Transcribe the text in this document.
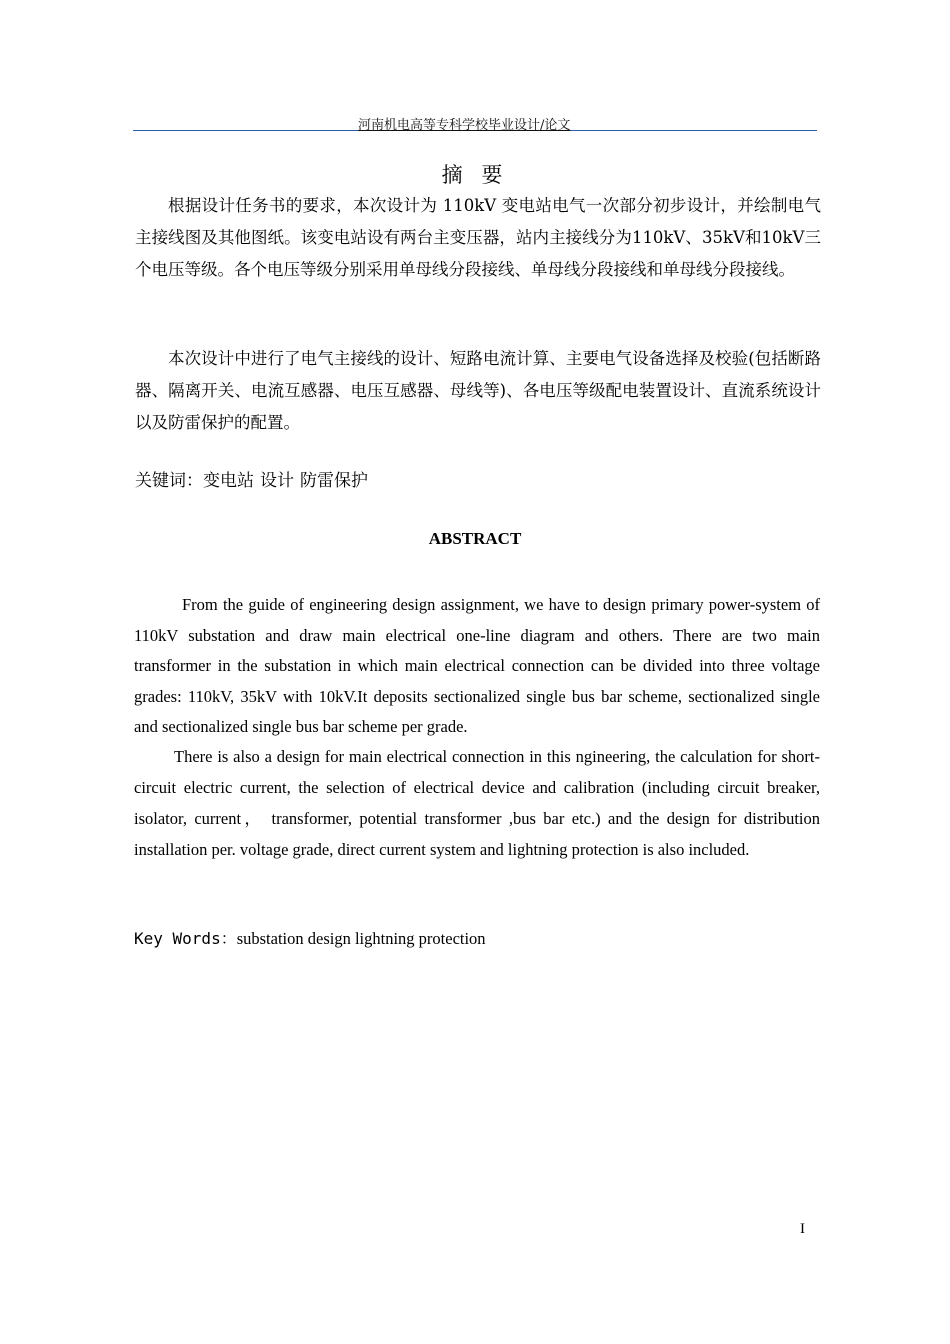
河南机电高等专科学校毕业设计/论文
摘 要

根据设计任务书的要求，本次设计为 110kV 变电站电气一次部分初步设计，并绘制电气主接线图及其他图纸。该变电站设有两台主变压器，站内主接线分为110kV、35kV和10kV三个电压等级。各个电压等级分别采用单母线分段接线、单母线分段接线和单母线分段接线。

本次设计中进行了电气主接线的设计、短路电流计算、主要电气设备选择及校验(包括断路器、隔离开关、电流互感器、电压互感器、母线等)、各电压等级配电装置设计、直流系统设计以及防雷保护的配置。

关键词：变电站 设计 防雷保护
ABSTRACT

From the guide of engineering design assignment, we have to design primary power-system of 110kV substation and draw main electrical one-line diagram and others. There are two main transformer in the substation in which main electrical connection can be divided into three voltage grades: 110kV, 35kV with 10kV.It deposits sectionalized single bus bar scheme, sectionalized single and sectionalized single bus bar scheme per grade.

There is also a design for main electrical connection in this ngineering, the calculation for short-circuit electric current, the selection of electrical device and calibration (including circuit breaker, isolator, current， transformer, potential transformer ,bus bar etc.) and the design for distribution installation per. voltage grade, direct current system and lightning protection is also included.

Key Words：substation design lightning protection
I
